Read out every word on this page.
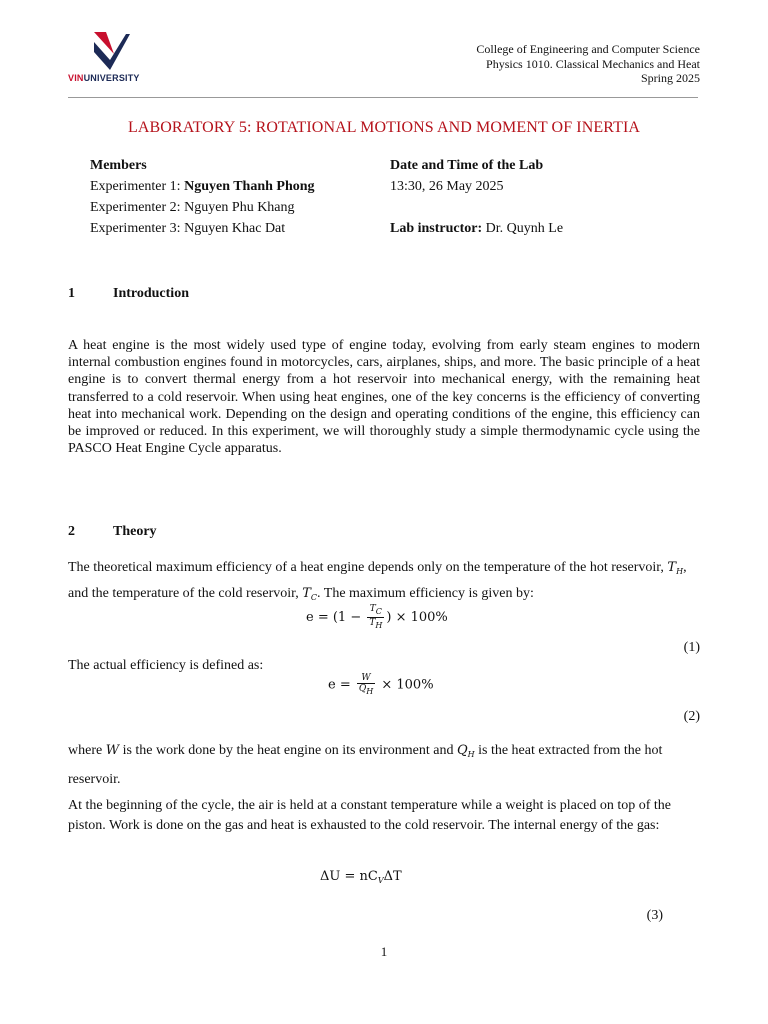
VINUNIVERSITY
College of Engineering and Computer Science
Physics 1010. Classical Mechanics and Heat
Spring 2025
LABORATORY 5: ROTATIONAL MOTIONS AND MOMENT OF INERTIA
Members
Experimenter 1: Nguyen Thanh Phong
Experimenter 2: Nguyen Phu Khang
Experimenter 3: Nguyen Khac Dat
Date and Time of the Lab
13:30, 26 May 2025

Lab instructor: Dr. Quynh Le
1	Introduction
A heat engine is the most widely used type of engine today, evolving from early steam engines to modern internal combustion engines found in motorcycles, cars, airplanes, ships, and more. The basic principle of a heat engine is to convert thermal energy from a hot reservoir into mechanical energy, with the remaining heat transferred to a cold reservoir. When using heat engines, one of the key concerns is the efficiency of converting heat into mechanical work. Depending on the design and operating conditions of the engine, this efficiency can be improved or reduced. In this experiment, we will thoroughly study a simple thermodynamic cycle using the PASCO Heat Engine Cycle apparatus.
2	Theory
The theoretical maximum efficiency of a heat engine depends only on the temperature of the hot reservoir, $T_H$, and the temperature of the cold reservoir, $T_C$. The maximum efficiency is given by:
$e = (1 - \frac{T_C}{T_H}$ ) × 100%
(1)
The actual efficiency is defined as:
$e = \frac{W}{Q_H} \times 100\%$
(2)
where W is the work done by the heat engine on its environment and $Q_H$ is the heat extracted from the hot reservoir.
At the beginning of the cycle, the air is held at a constant temperature while a weight is placed on top of the piston. Work is done on the gas and heat is exhausted to the cold reservoir. The internal energy of the gas:
$\Delta U = nC_V\Delta T$
(3)
1
